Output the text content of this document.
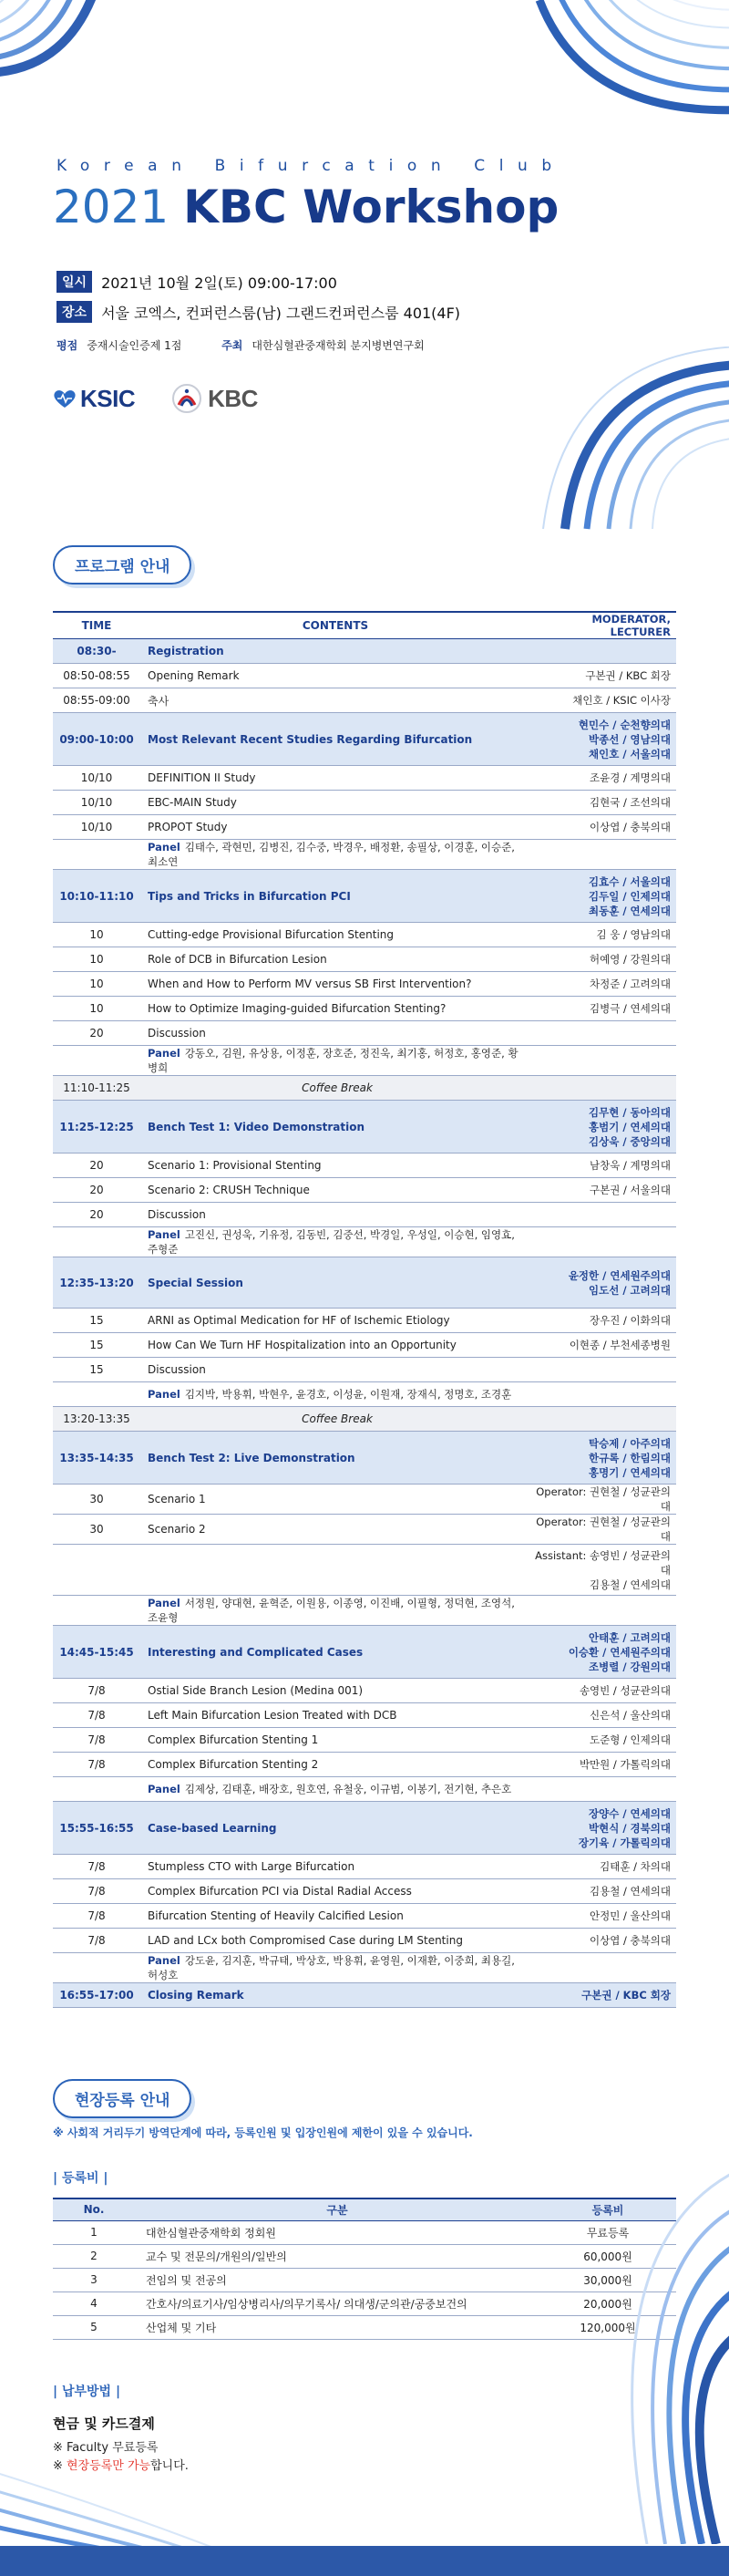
Korean Bifurcation Club
2021 KBC Workshop
일시	2021년 10월 2일(토) 09:00-17:00
장소	서울 코엑스, 컨퍼런스룸(남) 그랜드컨퍼런스룸 401(4F)
평점 중재시술인증제 1점	주최 대한심혈관중재학회 분지병변연구회
KSIC	KBC
프로그램 안내
TIME	CONTENTS	MODERATOR, LECTURER
08:30-	Registration	
08:50-08:55	Opening Remark	구본권 / KBC 회장

08:55-09:00	축사	채인호 / KSIC 이사장

09:00-10:00	Most Relevant Recent Studies Regarding Bifurcation	현민수 / 순천향의대
박종선 / 영남의대
채인호 / 서울의대

10/10	DEFINITION II Study	조윤경 / 계명의대

10/10	EBC-MAIN Study	김현국 / 조선의대

10/10	PROPOT Study	이상엽 / 충북의대

	Panel 김태수, 곽현민, 김병진, 김수중, 박경우, 배정환, 송필상, 이경훈, 이승준, 최소연	
10:10-11:10	Tips and Tricks in Bifurcation PCI	김효수 / 서울의대
김두일 / 인제의대
최동훈 / 연세의대

10	Cutting-edge Provisional Bifurcation Stenting	김 웅 / 영남의대

10	Role of DCB in Bifurcation Lesion	허예영 / 강원의대

10	When and How to Perform MV versus SB First Intervention?	차정준 / 고려의대

10	How to Optimize Imaging-guided Bifurcation Stenting?	김병극 / 연세의대

20	Discussion	
	Panel 강동오, 김원, 유상용, 이정훈, 장호준, 정진욱, 최기홍, 허정호, 홍영준, 황병희	
11:10-11:25	Coffee Break	
11:25-12:25	Bench Test 1: Video Demonstration	김무현 / 동아의대
홍범기 / 연세의대
김상욱 / 중앙의대

20	Scenario 1: Provisional Stenting	남창욱 / 계명의대

20	Scenario 2: CRUSH Technique	구본권 / 서울의대

20	Discussion	
	Panel 고진신, 권성욱, 기유정, 김동빈, 김중선, 박경일, 우성일, 이승현, 임영효, 주형준	
12:35-13:20	Special Session	윤정한 / 연세원주의대
임도선 / 고려의대

15	ARNI as Optimal Medication for HF of Ischemic Etiology	장우진 / 이화의대

15	How Can We Turn HF Hospitalization into an Opportunity	이현종 / 부천세종병원

15	Discussion	
	Panel 김지박, 박용휘, 박현우, 윤경호, 이성윤, 이원재, 장재식, 정명호, 조경훈	
13:20-13:35	Coffee Break	
13:35-14:35	Bench Test 2: Live Demonstration	탁승제 / 아주의대
한규록 / 한림의대
홍명기 / 연세의대

30	Scenario 1	Operator: 권현철 / 성균관의대

30	Scenario 2	Operator: 권현철 / 성균관의대

		Assistant: 송영빈 / 성균관의대
김용철 / 연세의대

	Panel 서정원, 양대현, 윤혁준, 이원용, 이종영, 이진배, 이필형, 정덕현, 조영석, 조윤형	
14:45-15:45	Interesting and Complicated Cases	안태훈 / 고려의대
이승환 / 연세원주의대
조병렬 / 강원의대

7/8	Ostial Side Branch Lesion (Medina 001)	송영빈 / 성균관의대

7/8	Left Main Bifurcation Lesion Treated with DCB	신은석 / 울산의대

7/8	Complex Bifurcation Stenting 1	도준형 / 인제의대

7/8	Complex Bifurcation Stenting 2	박만원 / 가톨릭의대

	Panel 김제상, 김태훈, 배장호, 원호연, 유철웅, 이규범, 이봉기, 전기현, 추은호	
15:55-16:55	Case-based Learning	장양수 / 연세의대
박현식 / 경북의대
장기육 / 가톨릭의대

7/8	Stumpless CTO with Large Bifurcation	김태훈 / 차의대

7/8	Complex Bifurcation PCI via Distal Radial Access	김용철 / 연세의대

7/8	Bifurcation Stenting of Heavily Calcified Lesion	안정민 / 울산의대

7/8	LAD and LCx both Compromised Case during LM Stenting	이상엽 / 충북의대

	Panel 강도윤, 김지훈, 박규태, 박상호, 박용휘, 윤영원, 이재환, 이중희, 최용길, 허성호	
16:55-17:00	Closing Remark	구본권 / KBC 회장
현장등록 안내
※ 사회적 거리두기 방역단계에 따라, 등록인원 및 입장인원에 제한이 있을 수 있습니다.
| 등록비 |
No.	구분	등록비
1	대한심혈관중재학회 정회원	무료등록
2	교수 및 전문의/개원의/일반의	60,000원
3	전임의 및 전공의	30,000원
4	간호사/의료기사/임상병리사/의무기록사/ 의대생/군의관/공중보건의	20,000원
5	산업체 및 기타	120,000원
| 납부방법 |
현금 및 카드결제
※ Faculty 무료등록
※ 현장등록만 가능합니다.
